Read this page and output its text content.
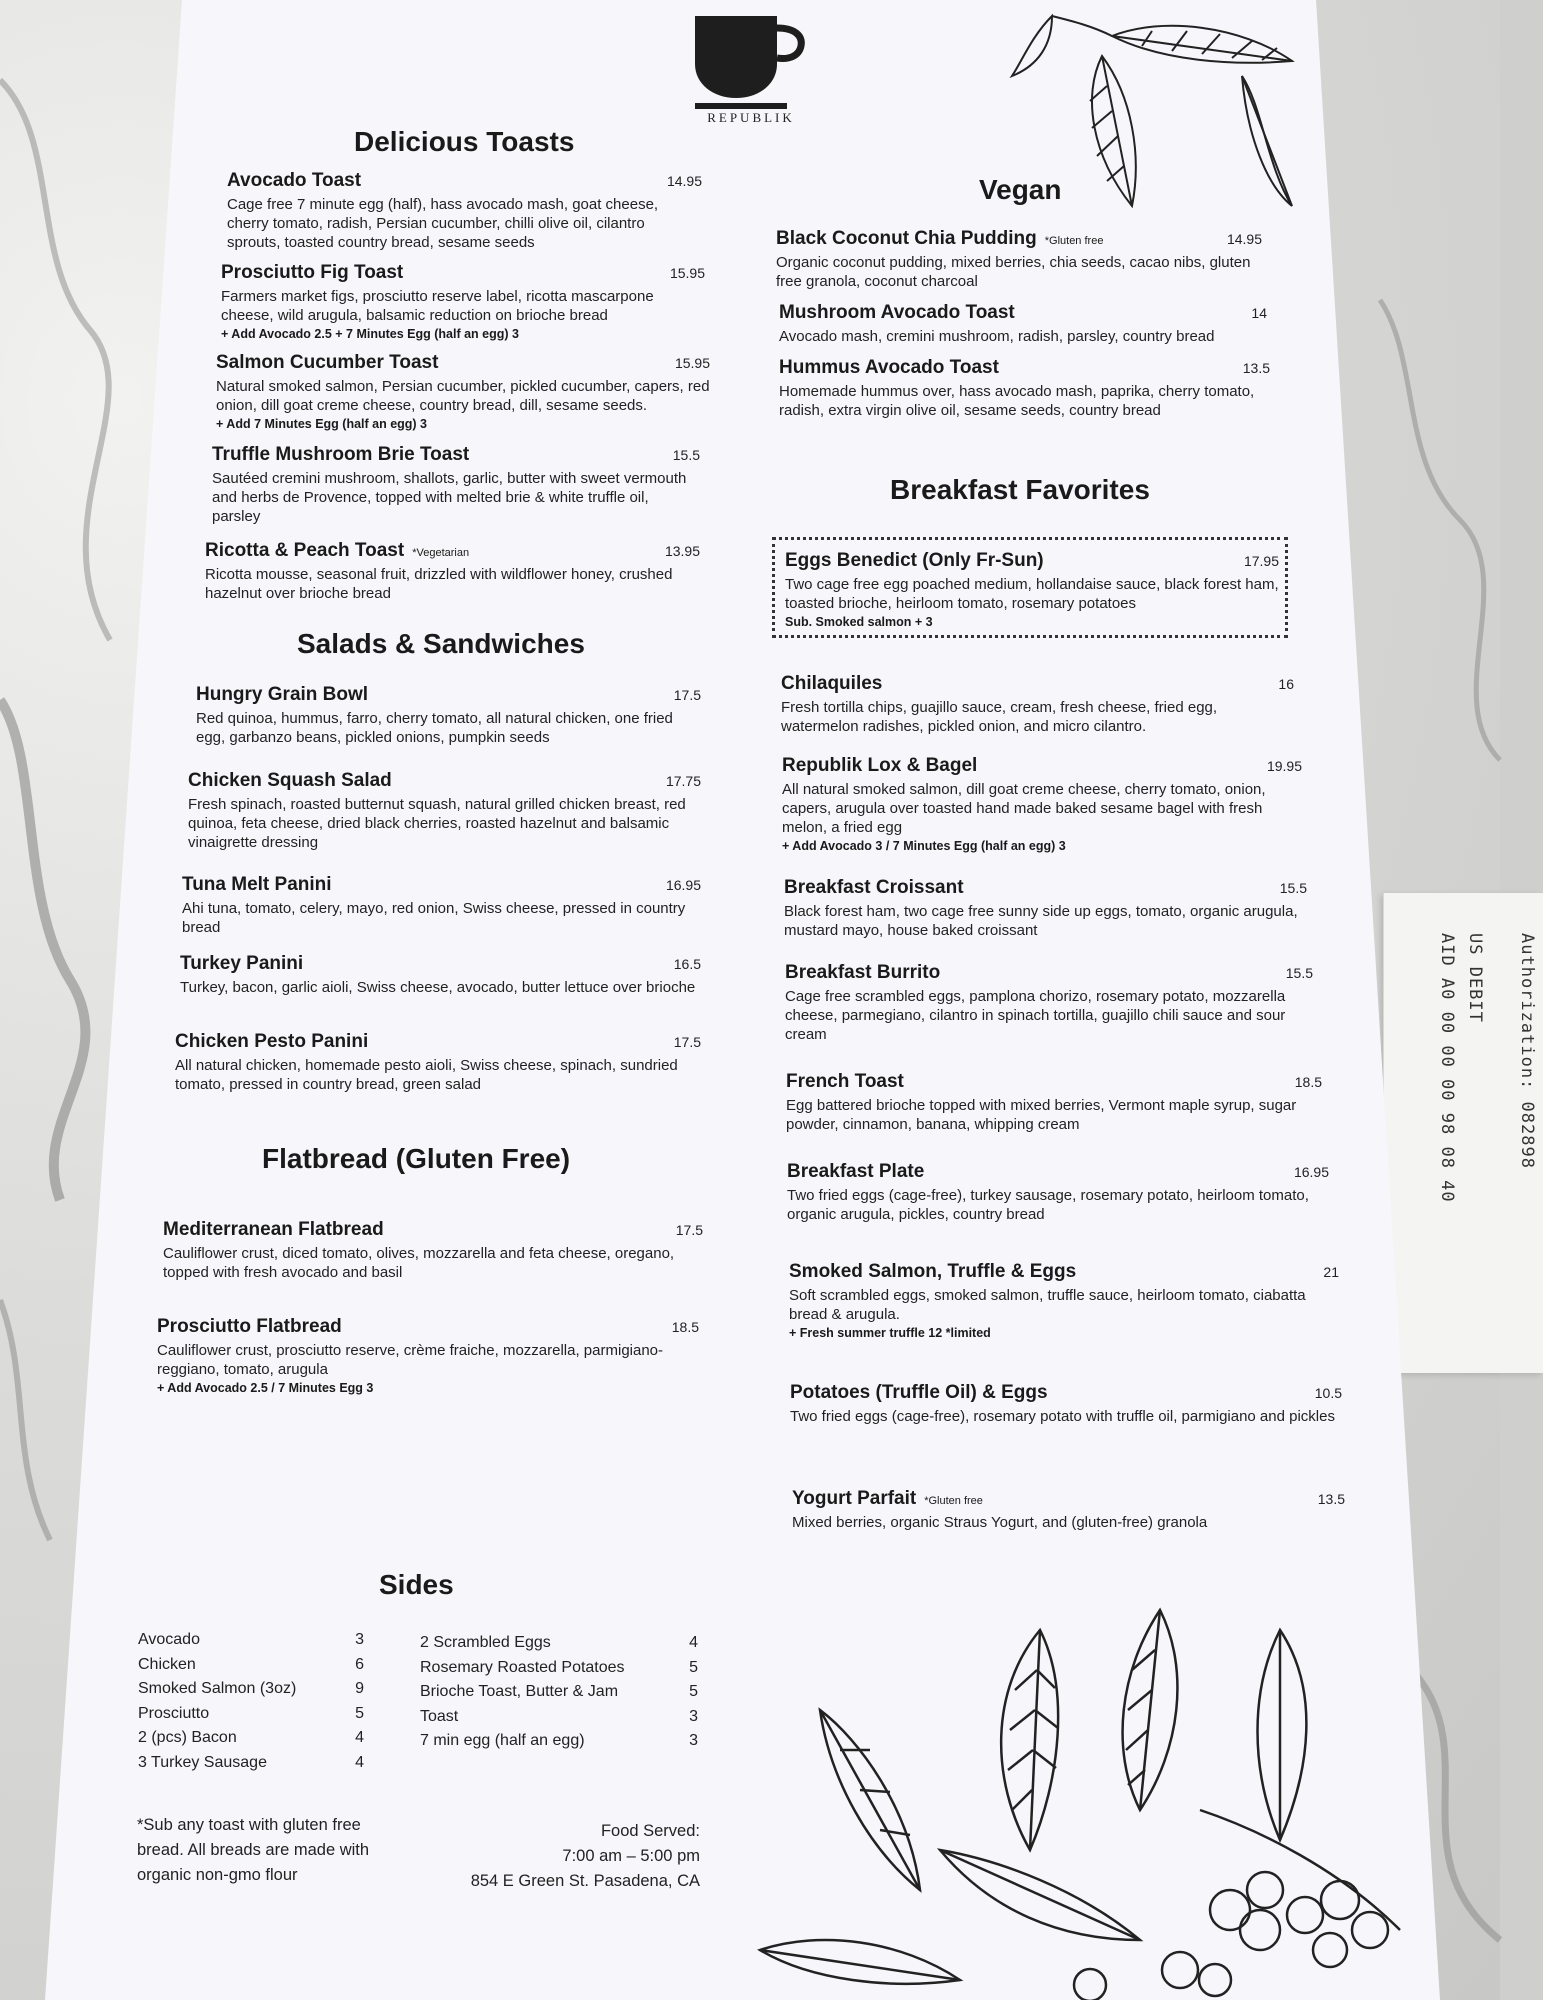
Authorization: 082898
US DEBIT
AID A0 00 00 00 98 08 40
REPUBLIK
Delicious Toasts
Avocado Toast	14.95
Cage free 7 minute egg (half), hass avocado mash, goat cheese, cherry tomato, radish, Persian cucumber, chilli olive oil, cilantro sprouts, toasted country bread, sesame seeds
Prosciutto Fig Toast	15.95
Farmers market figs, prosciutto reserve label, ricotta mascarpone cheese, wild arugula, balsamic reduction on brioche bread
+ Add Avocado 2.5 + 7 Minutes Egg (half an egg) 3
Salmon Cucumber Toast	15.95
Natural smoked salmon, Persian cucumber, pickled cucumber, capers, red onion, dill goat creme cheese, country bread, dill, sesame seeds.
+ Add 7 Minutes Egg (half an egg) 3
Truffle Mushroom Brie Toast	15.5
Sautéed cremini mushroom, shallots, garlic, butter with sweet vermouth and herbs de Provence, topped with melted brie & white truffle oil, parsley
Ricotta & Peach Toast *Vegetarian	13.95
Ricotta mousse, seasonal fruit, drizzled with wildflower honey, crushed hazelnut over brioche bread
Salads & Sandwiches
Hungry Grain Bowl	17.5
Red quinoa, hummus, farro, cherry tomato, all natural chicken, one fried egg, garbanzo beans, pickled onions, pumpkin seeds
Chicken Squash Salad	17.75
Fresh spinach, roasted butternut squash, natural grilled chicken breast, red quinoa, feta cheese, dried black cherries, roasted hazelnut and balsamic vinaigrette dressing
Tuna Melt Panini	16.95
Ahi tuna, tomato, celery, mayo, red onion, Swiss cheese, pressed in country bread
Turkey Panini	16.5
Turkey, bacon, garlic aioli, Swiss cheese, avocado, butter lettuce over brioche
Chicken Pesto Panini	17.5
All natural chicken, homemade pesto aioli, Swiss cheese, spinach, sundried tomato, pressed in country bread, green salad
Flatbread (Gluten Free)
Mediterranean Flatbread	17.5
Cauliflower crust, diced tomato, olives, mozzarella and feta cheese, oregano, topped with fresh avocado and basil
Prosciutto Flatbread	18.5
Cauliflower crust, prosciutto reserve, crème fraiche, mozzarella, parmigiano-reggiano, tomato, arugula
+ Add Avocado 2.5 / 7 Minutes Egg 3
Sides
Avocado	3
Chicken	6
Smoked Salmon (3oz)	9
Prosciutto	5
2 (pcs) Bacon	4
3 Turkey Sausage	4
2 Scrambled Eggs	4
Rosemary Roasted Potatoes	5
Brioche Toast, Butter & Jam	5
Toast	3
7 min egg (half an egg)	3
*Sub any toast with gluten free
bread. All breads are made with
organic non-gmo flour
Food Served:
7:00 am – 5:00 pm
854 E Green St. Pasadena, CA
Vegan
Black Coconut Chia Pudding *Gluten free	14.95
Organic coconut pudding, mixed berries, chia seeds, cacao nibs, gluten free granola, coconut charcoal
Mushroom Avocado Toast	14
Avocado mash, cremini mushroom, radish, parsley, country bread
Hummus Avocado Toast	13.5
Homemade hummus over, hass avocado mash, paprika, cherry tomato, radish, extra virgin olive oil, sesame seeds, country bread
Breakfast Favorites
Eggs Benedict (Only Fr-Sun)	17.95
Two cage free egg poached medium, hollandaise sauce, black forest ham, toasted brioche, heirloom tomato, rosemary potatoes
Sub. Smoked salmon + 3
Chilaquiles	16
Fresh tortilla chips, guajillo sauce, cream, fresh cheese, fried egg, watermelon radishes, pickled onion, and micro cilantro.
Republik Lox & Bagel	19.95
All natural smoked salmon, dill goat creme cheese, cherry tomato, onion, capers, arugula over toasted hand made baked sesame bagel with fresh melon, a fried egg
+ Add Avocado 3 / 7 Minutes Egg (half an egg) 3
Breakfast Croissant	15.5
Black forest ham, two cage free sunny side up eggs, tomato, organic arugula, mustard mayo, house baked croissant
Breakfast Burrito	15.5
Cage free scrambled eggs, pamplona chorizo, rosemary potato, mozzarella cheese, parmegiano, cilantro in spinach tortilla, guajillo chili sauce and sour cream
French Toast	18.5
Egg battered brioche topped with mixed berries, Vermont maple syrup, sugar powder, cinnamon, banana, whipping cream
Breakfast Plate	16.95
Two fried eggs (cage-free), turkey sausage, rosemary potato, heirloom tomato, organic arugula, pickles, country bread
Smoked Salmon, Truffle & Eggs	21
Soft scrambled eggs, smoked salmon, truffle sauce, heirloom tomato, ciabatta bread & arugula.
+ Fresh summer truffle 12 *limited
Potatoes (Truffle Oil) & Eggs	10.5
Two fried eggs (cage-free), rosemary potato with truffle oil, parmigiano and pickles
Yogurt Parfait *Gluten free	13.5
Mixed berries, organic Straus Yogurt, and (gluten-free) granola
